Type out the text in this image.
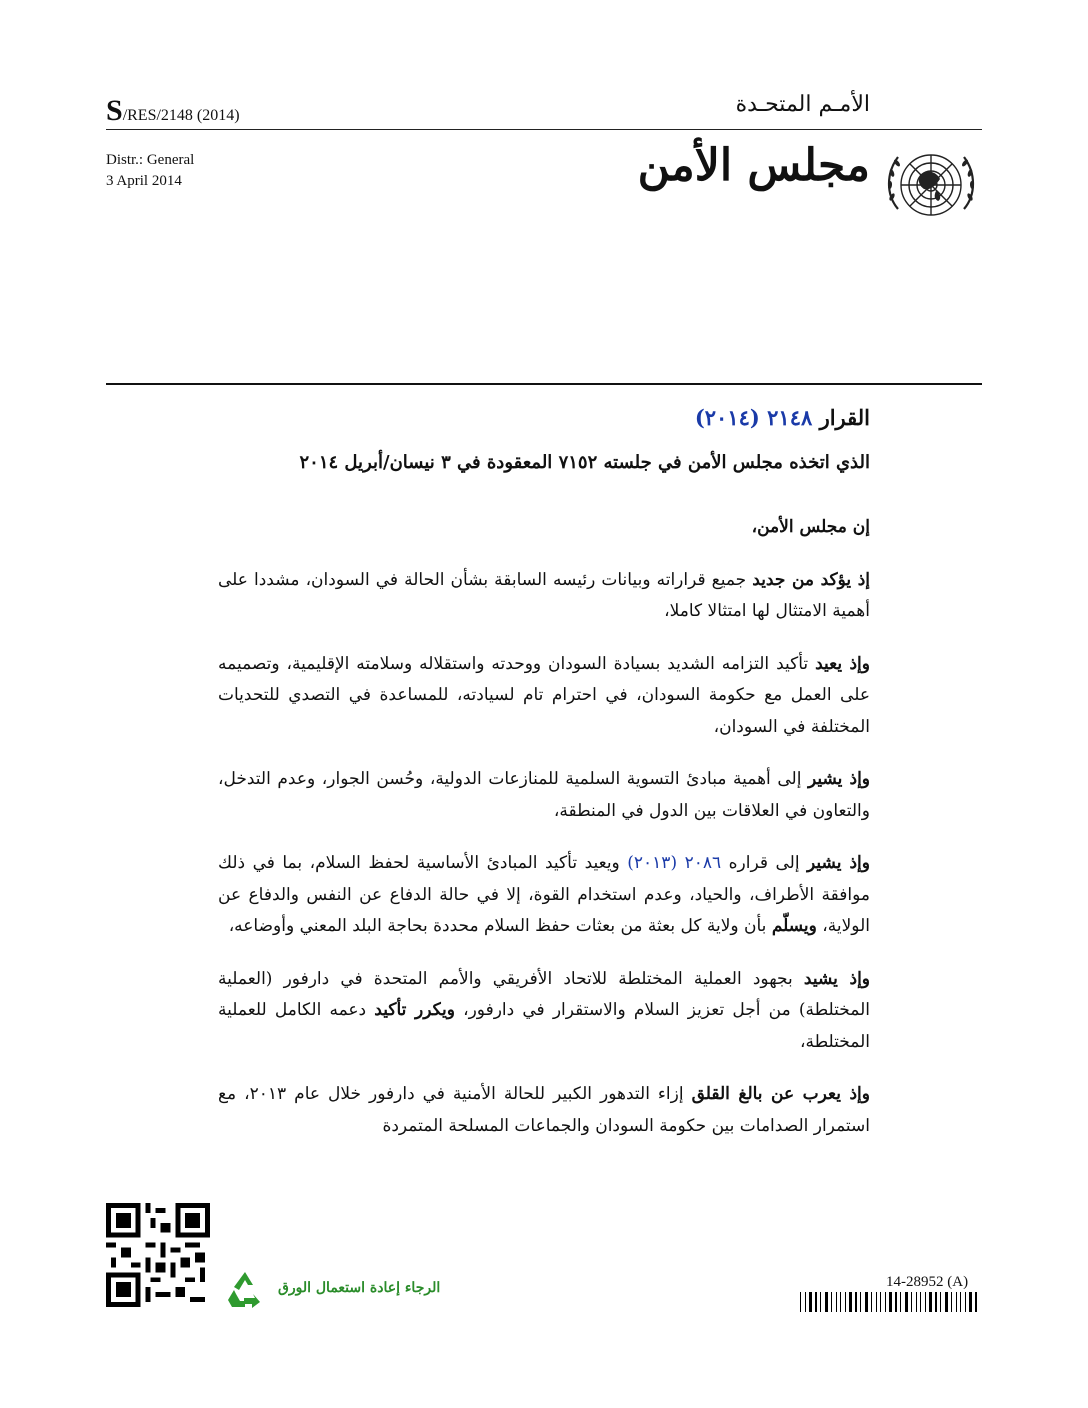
S/RES/2148 (2014)	الأمـم المتحـدة
Distr.: General
3 April 2014	مجلس الأمن
القرار ٢١٤٨ (٢٠١٤)
الذي اتخذه مجلس الأمن في جلسته ٧١٥٢ المعقودة في ٣ نيسان/أبريل ٢٠١٤

إن مجلس الأمن،

إذ يؤكد من جديد جميع قراراته وبيانات رئيسه السابقة بشأن الحالة في السودان، مشددا على أهمية الامتثال لها امتثالا كاملا،

وإذ يعيد تأكيد التزامه الشديد بسيادة السودان ووحدته واستقلاله وسلامته الإقليمية، وتصميمه على العمل مع حكومة السودان، في احترام تام لسيادته، للمساعدة في التصدي للتحديات المختلفة في السودان،

وإذ يشير إلى أهمية مبادئ التسوية السلمية للمنازعات الدولية، وحُسن الجوار، وعدم التدخل، والتعاون في العلاقات بين الدول في المنطقة،

وإذ يشير إلى قراره ٢٠٨٦ (٢٠١٣) ويعيد تأكيد المبادئ الأساسية لحفظ السلام، بما في ذلك موافقة الأطراف، والحياد، وعدم استخدام القوة، إلا في حالة الدفاع عن النفس والدفاع عن الولاية، ويسلّم بأن ولاية كل بعثة من بعثات حفظ السلام محددة بحاجة البلد المعني وأوضاعه،

وإذ يشيد بجهود العملية المختلطة للاتحاد الأفريقي والأمم المتحدة في دارفور (العملية المختلطة) من أجل تعزيز السلام والاستقرار في دارفور، ويكرر تأكيد دعمه الكامل للعملية المختلطة،

وإذ يعرب عن بالغ القلق إزاء التدهور الكبير للحالة الأمنية في دارفور خلال عام ٢٠١٣، مع استمرار الصدامات بين حكومة السودان والجماعات المسلحة المتمردة

الرجاء إعادة استعمال الورق	14-28952 (A)
